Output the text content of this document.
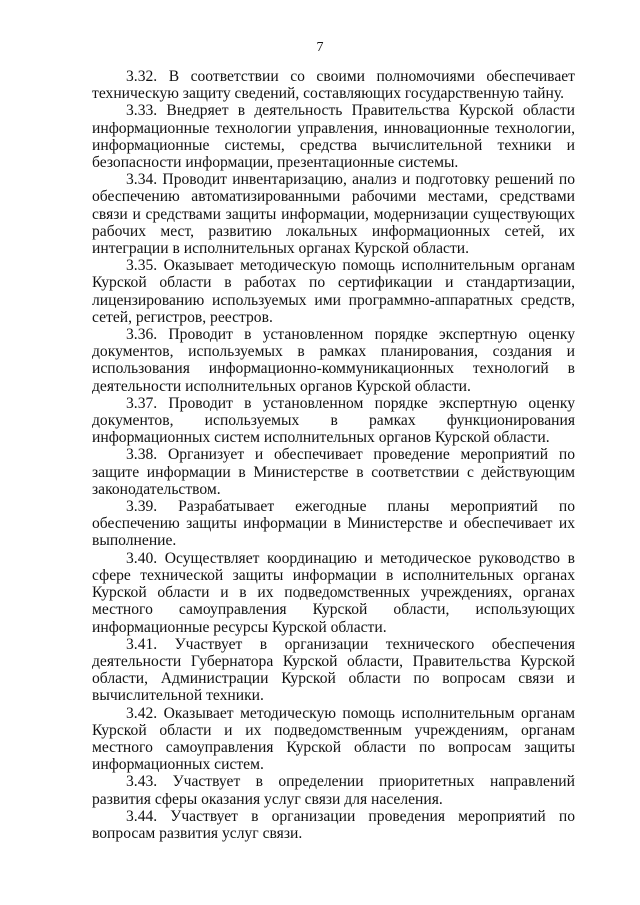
7

3.32. В соответствии со своими полномочиями обеспечивает техническую защиту сведений, составляющих государственную тайну.

3.33. Внедряет в деятельность Правительства Курской области информационные технологии управления, инновационные технологии, информационные системы, средства вычислительной техники и безопасности информации, презентационные системы.

3.34. Проводит инвентаризацию, анализ и подготовку решений по обеспечению автоматизированными рабочими местами, средствами связи и средствами защиты информации, модернизации существующих рабочих мест, развитию локальных информационных сетей, их интеграции в исполнительных органах Курской области.

3.35. Оказывает методическую помощь исполнительным органам Курской области в работах по сертификации и стандартизации, лицензированию используемых ими программно-аппаратных средств, сетей, регистров, реестров.

3.36. Проводит в установленном порядке экспертную оценку документов, используемых в рамках планирования, создания и использования информационно-коммуникационных технологий в деятельности исполнительных органов Курской области.

3.37. Проводит в установленном порядке экспертную оценку документов, используемых в рамках функционирования информационных систем исполнительных органов Курской области.

3.38. Организует и обеспечивает проведение мероприятий по защите информации в Министерстве в соответствии с действующим законодательством.

3.39. Разрабатывает ежегодные планы мероприятий по обеспечению защиты информации в Министерстве и обеспечивает их выполнение.

3.40. Осуществляет координацию и методическое руководство в сфере технической защиты информации в исполнительных органах Курской области и в их подведомственных учреждениях, органах местного самоуправления Курской области, использующих информационные ресурсы Курской области.

3.41. Участвует в организации технического обеспечения деятельности Губернатора Курской области, Правительства Курской области, Администрации Курской области по вопросам связи и вычислительной техники.

3.42. Оказывает методическую помощь исполнительным органам Курской области и их подведомственным учреждениям, органам местного самоуправления Курской области по вопросам защиты информационных систем.

3.43. Участвует в определении приоритетных направлений развития сферы оказания услуг связи для населения.

3.44. Участвует в организации проведения мероприятий по вопросам развития услуг связи.
